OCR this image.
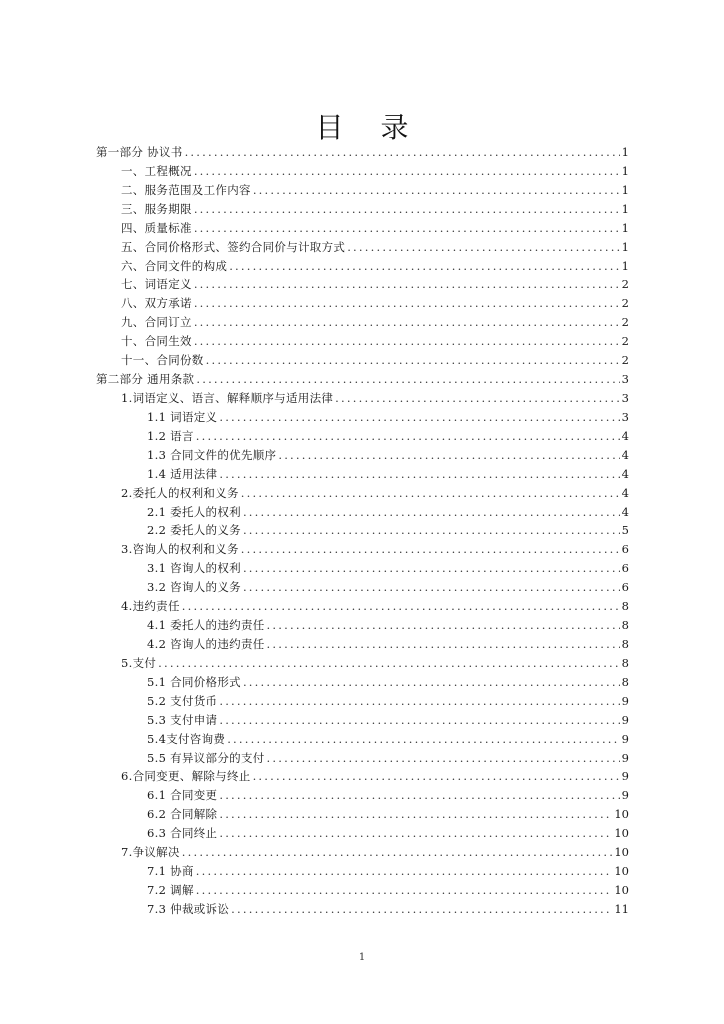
目 录
第一部分 协议书 .....	1
一、工程概况 .....	1
二、服务范围及工作内容 .....	1
三、服务期限 .....	1
四、质量标准 .....	1
五、合同价格形式、签约合同价与计取方式 .....	1
六、合同文件的构成 .....	1
七、词语定义 .....	2
八、双方承诺 .....	2
九、合同订立 .....	2
十、合同生效 .....	2
十一、合同份数 .....	2
第二部分 通用条款 .....	3
1.词语定义、语言、解释顺序与适用法律 .....	3
1.1 词语定义 .....	3
1.2 语言 .....	4
1.3 合同文件的优先顺序 .....	4
1.4 适用法律 .....	4
2.委托人的权利和义务 .....	4
2.1 委托人的权利 .....	4
2.2 委托人的义务 .....	5
3.咨询人的权利和义务 .....	6
3.1 咨询人的权利 .....	6
3.2 咨询人的义务 .....	6
4.违约责任 .....	8
4.1 委托人的违约责任 .....	8
4.2 咨询人的违约责任 .....	8
5.支付 .....	8
5.1 合同价格形式 .....	8
5.2 支付货币 .....	9
5.3 支付申请 .....	9
5.4支付咨询费 .....	9
5.5 有异议部分的支付 .....	9
6.合同变更、解除与终止 .....	9
6.1 合同变更 .....	9
6.2 合同解除 .....	10
6.3 合同终止 .....	10
7.争议解决 .....	10
7.1 协商 .....	10
7.2 调解 .....	10
7.3 仲裁或诉讼 .....	11
1
